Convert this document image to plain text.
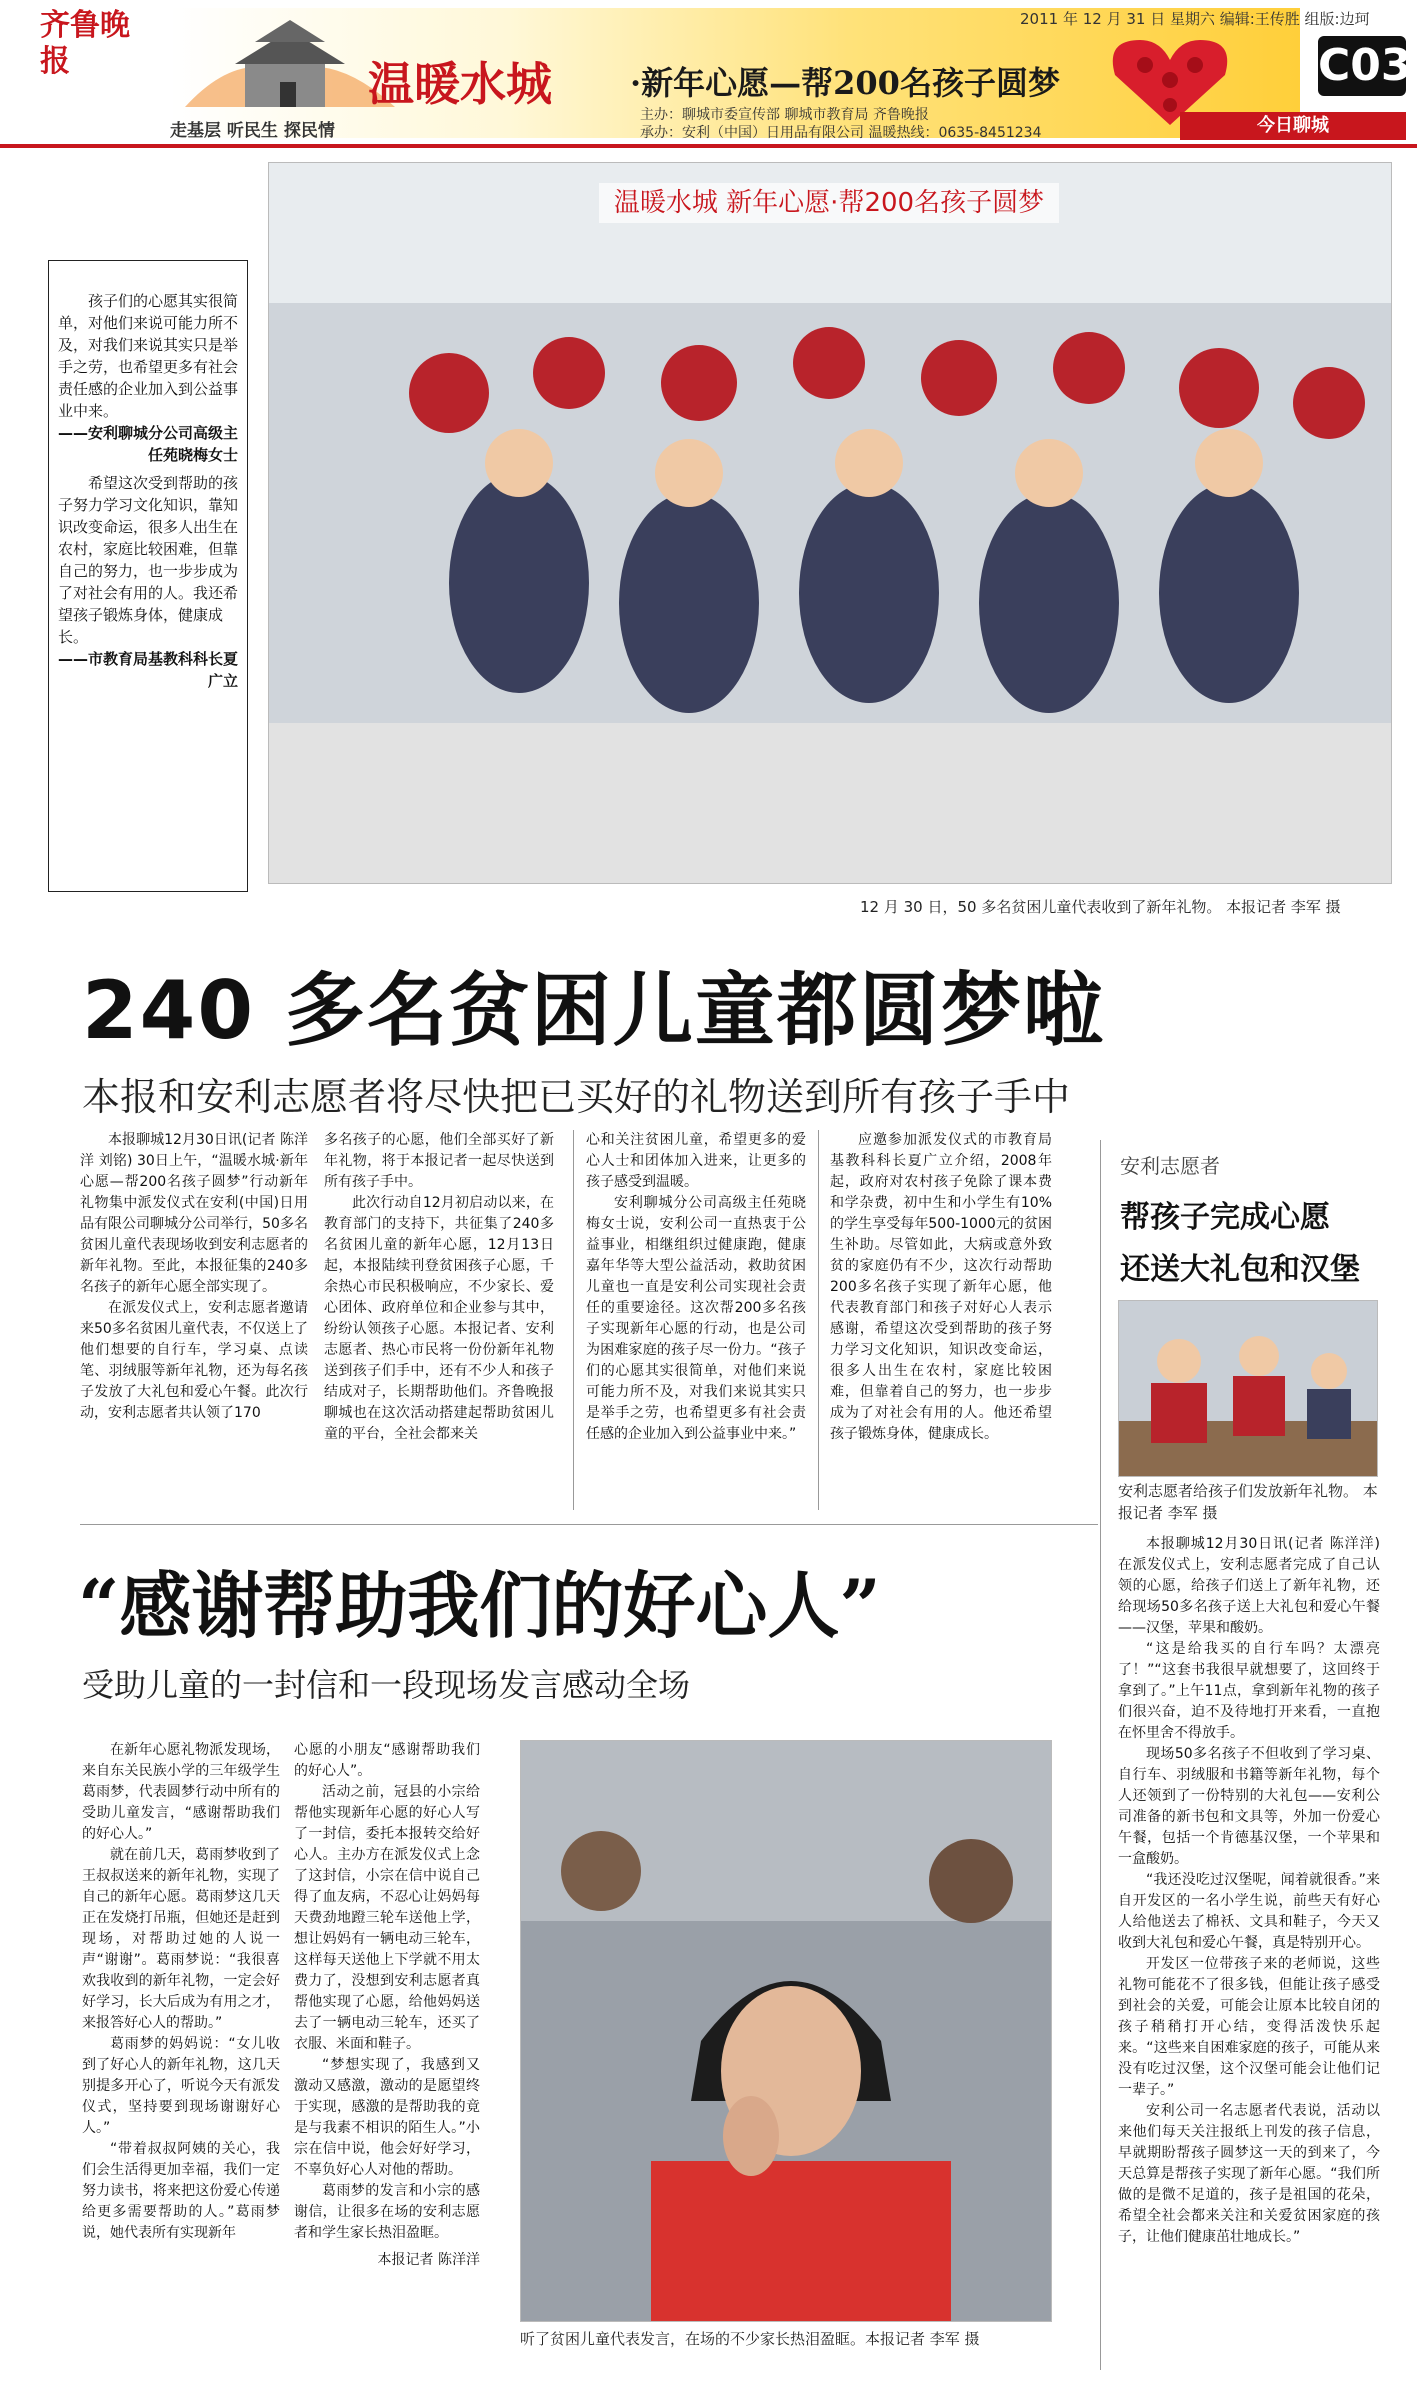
齐鲁晚报
走基层 听民生 探民情
温暖水城 ·新年心愿—帮200名孩子圆梦
主办：聊城市委宣传部 聊城市教育局 齐鲁晚报
承办：安利（中国）日用品有限公司 温暖热线：0635-8451234
2011 年 12 月 31 日 星期六 编辑:王传胜 组版:边珂
C03
今日聊城
孩子们的心愿其实很简单，对他们来说可能力所不及，对我们来说其实只是举手之劳，也希望更多有社会责任感的企业加入到公益事业中来。
——安利聊城分公司高级主任苑晓梅女士
希望这次受到帮助的孩子努力学习文化知识，靠知识改变命运，很多人出生在农村，家庭比较困难，但靠自己的努力，也一步步成为了对社会有用的人。我还希望孩子锻炼身体，健康成长。
——市教育局基教科科长夏广立
温暖水城 新年心愿·帮200名孩子圆梦
12 月 30 日，50 多名贫困儿童代表收到了新年礼物。 本报记者 李军 摄
240 多名贫困儿童都圆梦啦
本报和安利志愿者将尽快把已买好的礼物送到所有孩子手中

本报聊城12月30日讯(记者 陈洋洋 刘铭) 30日上午，“温暖水城·新年心愿—帮200名孩子圆梦”行动新年礼物集中派发仪式在安利(中国)日用品有限公司聊城分公司举行，50多名贫困儿童代表现场收到安利志愿者的新年礼物。至此，本报征集的240多名孩子的新年心愿全部实现了。

在派发仪式上，安利志愿者邀请来50多名贫困儿童代表，不仅送上了他们想要的自行车，学习桌、点读笔、羽绒服等新年礼物，还为每名孩子发放了大礼包和爱心午餐。此次行动，安利志愿者共认领了170

多名孩子的心愿，他们全部买好了新年礼物，将于本报记者一起尽快送到所有孩子手中。

此次行动自12月初启动以来，在教育部门的支持下，共征集了240多名贫困儿童的新年心愿，12月13日起，本报陆续刊登贫困孩子心愿，千余热心市民积极响应，不少家长、爱心团体、政府单位和企业参与其中，纷纷认领孩子心愿。本报记者、安利志愿者、热心市民将一份份新年礼物送到孩子们手中，还有不少人和孩子结成对子，长期帮助他们。齐鲁晚报聊城也在这次活动搭建起帮助贫困儿童的平台，全社会都来关

心和关注贫困儿童，希望更多的爱心人士和团体加入进来，让更多的孩子感受到温暖。

安利聊城分公司高级主任苑晓梅女士说，安利公司一直热衷于公益事业，相继组织过健康跑，健康嘉年华等大型公益活动，救助贫困儿童也一直是安利公司实现社会责任的重要途径。这次帮200多名孩子实现新年心愿的行动，也是公司为困难家庭的孩子尽一份力。“孩子们的心愿其实很简单，对他们来说可能力所不及，对我们来说其实只是举手之劳，也希望更多有社会责任感的企业加入到公益事业中来。”

应邀参加派发仪式的市教育局基教科科长夏广立介绍，2008年起，政府对农村孩子免除了课本费和学杂费，初中生和小学生有10%的学生享受每年500-1000元的贫困生补助。尽管如此，大病或意外致贫的家庭仍有不少，这次行动帮助200多名孩子实现了新年心愿，他代表教育部门和孩子对好心人表示感谢，希望这次受到帮助的孩子努力学习文化知识，知识改变命运，很多人出生在农村，家庭比较困难，但靠着自己的努力，也一步步成为了对社会有用的人。他还希望孩子锻炼身体，健康成长。

安利志愿者
帮孩子完成心愿
还送大礼包和汉堡
安利志愿者给孩子们发放新年礼物。 本报记者 李军 摄

本报聊城12月30日讯(记者 陈洋洋) 在派发仪式上，安利志愿者完成了自己认领的心愿，给孩子们送上了新年礼物，还给现场50多名孩子送上大礼包和爱心午餐——汉堡，苹果和酸奶。

“这是给我买的自行车吗？太漂亮了！”“这套书我很早就想要了，这回终于拿到了。”上午11点，拿到新年礼物的孩子们很兴奋，迫不及待地打开来看，一直抱在怀里舍不得放手。

现场50多名孩子不但收到了学习桌、自行车、羽绒服和书籍等新年礼物，每个人还领到了一份特别的大礼包——安利公司准备的新书包和文具等，外加一份爱心午餐，包括一个肯德基汉堡，一个苹果和一盒酸奶。

“我还没吃过汉堡呢，闻着就很香。”来自开发区的一名小学生说，前些天有好心人给他送去了棉袄、文具和鞋子，今天又收到大礼包和爱心午餐，真是特别开心。

开发区一位带孩子来的老师说，这些礼物可能花不了很多钱，但能让孩子感受到社会的关爱，可能会让原本比较自闭的孩子稍稍打开心结，变得活泼快乐起来。“这些来自困难家庭的孩子，可能从来没有吃过汉堡，这个汉堡可能会让他们记一辈子。”

安利公司一名志愿者代表说，活动以来他们每天关注报纸上刊发的孩子信息，早就期盼帮孩子圆梦这一天的到来了，今天总算是帮孩子实现了新年心愿。“我们所做的是微不足道的，孩子是祖国的花朵，希望全社会都来关注和关爱贫困家庭的孩子，让他们健康茁壮地成长。”

“感谢帮助我们的好心人”
受助儿童的一封信和一段现场发言感动全场

在新年心愿礼物派发现场，来自东关民族小学的三年级学生葛雨梦，代表圆梦行动中所有的受助儿童发言，“感谢帮助我们的好心人。”

就在前几天，葛雨梦收到了王叔叔送来的新年礼物，实现了自己的新年心愿。葛雨梦这几天正在发烧打吊瓶，但她还是赶到现场，对帮助过她的人说一声“谢谢”。葛雨梦说：“我很喜欢我收到的新年礼物，一定会好好学习，长大后成为有用之才，来报答好心人的帮助。”

葛雨梦的妈妈说：“女儿收到了好心人的新年礼物，这几天别提多开心了，听说今天有派发仪式，坚持要到现场谢谢好心人。”

“带着叔叔阿姨的关心，我们会生活得更加幸福，我们一定努力读书，将来把这份爱心传递给更多需要帮助的人。”葛雨梦说，她代表所有实现新年

心愿的小朋友“感谢帮助我们的好心人”。

活动之前，冠县的小宗给帮他实现新年心愿的好心人写了一封信，委托本报转交给好心人。主办方在派发仪式上念了这封信，小宗在信中说自己得了血友病，不忍心让妈妈每天费劲地蹬三轮车送他上学，想让妈妈有一辆电动三轮车，这样每天送他上下学就不用太费力了，没想到安利志愿者真帮他实现了心愿，给他妈妈送去了一辆电动三轮车，还买了衣服、米面和鞋子。

“梦想实现了，我感到又激动又感激，激动的是愿望终于实现，感激的是帮助我的竟是与我素不相识的陌生人。”小宗在信中说，他会好好学习，不辜负好心人对他的帮助。

葛雨梦的发言和小宗的感谢信，让很多在场的安利志愿者和学生家长热泪盈眶。

本报记者 陈洋洋

听了贫困儿童代表发言，在场的不少家长热泪盈眶。本报记者 李军 摄
